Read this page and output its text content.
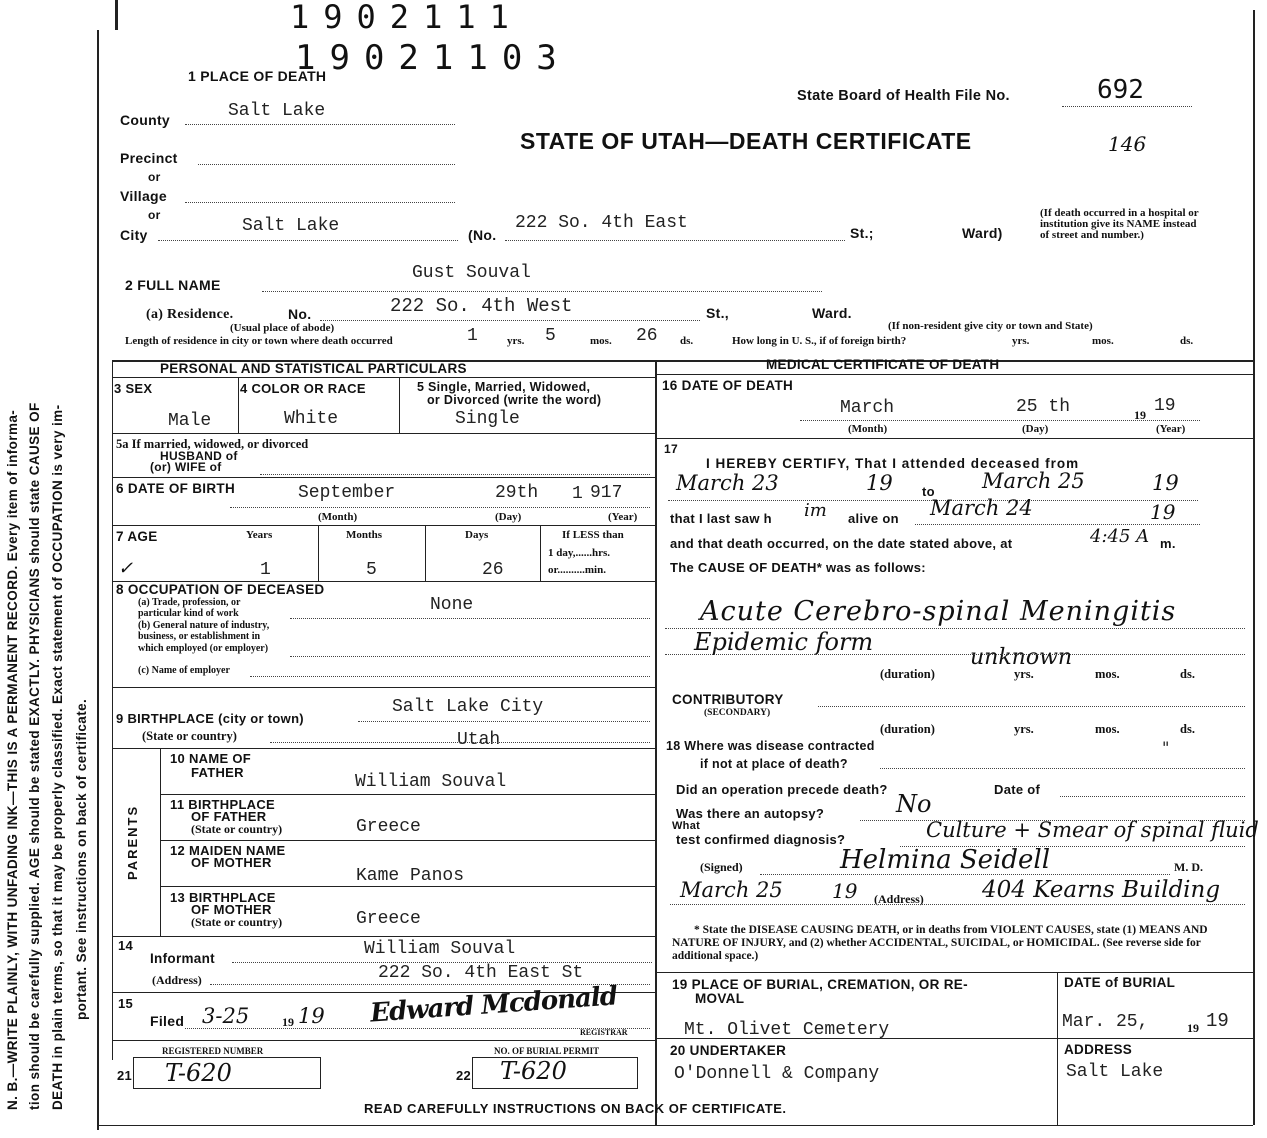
1902111
19021103
N. B.—WRITE PLAINLY, WITH UNFADING INK—THIS IS A PERMANENT RECORD. Every item of informa- tion should be carefully supplied. AGE should be stated EXACTLY. PHYSICIANS should state CAUSE OF DEATH in plain terms, so that it may be properly classified. Exact statement of OCCUPATION is very im- portant. See instructions on back of certificate.
1 PLACE OF DEATH
State Board of Health File No.	692
STATE OF UTAH—DEATH CERTIFICATE	146
County	Salt Lake
Precinct
or
Village
or
City	Salt Lake	(No.
222 So. 4th East	St.;	Ward)
(If death occurred in a hospital or institution give its NAME instead of street and number.)
2 FULL NAME
Gust Souval
(a) Residence.	No.	222 So. 4th West	St.,	Ward.
(Usual place of abode)	(If non-resident give city or town and State)
Length of residence in city or town where death occurred	1	yrs. 5	mos. 26 ds.	How long in U. S., if of foreign birth?	yrs.	mos.	ds.
PERSONAL AND STATISTICAL PARTICULARS	MEDICAL CERTIFICATE OF DEATH
3 SEX
Male
4 COLOR OR RACE
White
5 Single, Married, Widowed,
or Divorced (write the word)
Single
5a If married, widowed, or divorced
HUSBAND of
(or) WIFE of
6 DATE OF BIRTH	September	29th 1 917
(Month)	(Day)	(Year)
7 AGE	Years	Months	Days	If LESS than
1 day,......hrs.
or..........min.
✓	1	5	26
8 OCCUPATION OF DECEASED
None
(a) Trade, profession, or
particular kind of work
(b) General nature of industry,
business, or establishment in
which employed (or employer)
(c) Name of employer
9 BIRTHPLACE (city or town)
Salt Lake City
(State or country)	Utah
PARENTS
10 NAME OF
FATHER	William Souval
11 BIRTHPLACE
OF FATHER
(State or country)	Greece
12 MAIDEN NAME
OF MOTHER
Kame Panos
13 BIRTHPLACE
OF MOTHER
(State or country)	Greece
14
Informant	William Souval
(Address)	222 So. 4th East St
15
Filed 3-25	19 19 Edward Mcdonald
REGISTRAR
REGISTERED NUMBER	NO. OF BURIAL PERMIT
21 T-620	22 T-620
16 DATE OF DEATH
March	25 th	19 19
(Month)	(Day)	(Year)
17
I HEREBY CERTIFY, That I attended deceased from
March 23	19 to March 25	19
that I last saw h im alive on March 24	19
and that death occurred, on the date stated above, at	4:45 A m.
The CAUSE OF DEATH* was as follows:
Acute Cerebro-spinal Meningitis
Epidemic form
unknown
(duration)	yrs.	mos.	ds.
CONTRIBUTORY
(SECONDARY)
(duration)	yrs.	mos.	ds.
18 Where was disease contracted
if not at place of death?
"
Did an operation precede death?	Date of
Was there an autopsy?	No
What
test confirmed diagnosis?	Culture + Smear of spinal fluid
(Signed)	Helmina Seidell	M. D.
March 25 19 (Address)	404 Kearns Building
* State the DISEASE CAUSING DEATH, or in deaths from VIOLENT CAUSES, state (1) MEANS AND NATURE OF INJURY, and (2) whether ACCIDENTAL, SUICIDAL, or HOMICIDAL. (See reverse side for additional space.)
19 PLACE OF BURIAL, CREMATION, OR RE-
MOVAL
Mt. Olivet Cemetery
DATE of BURIAL
Mar. 25,	19 19
20 UNDERTAKER
O'Donnell & Company
ADDRESS
Salt Lake
READ CAREFULLY INSTRUCTIONS ON BACK OF CERTIFICATE.
